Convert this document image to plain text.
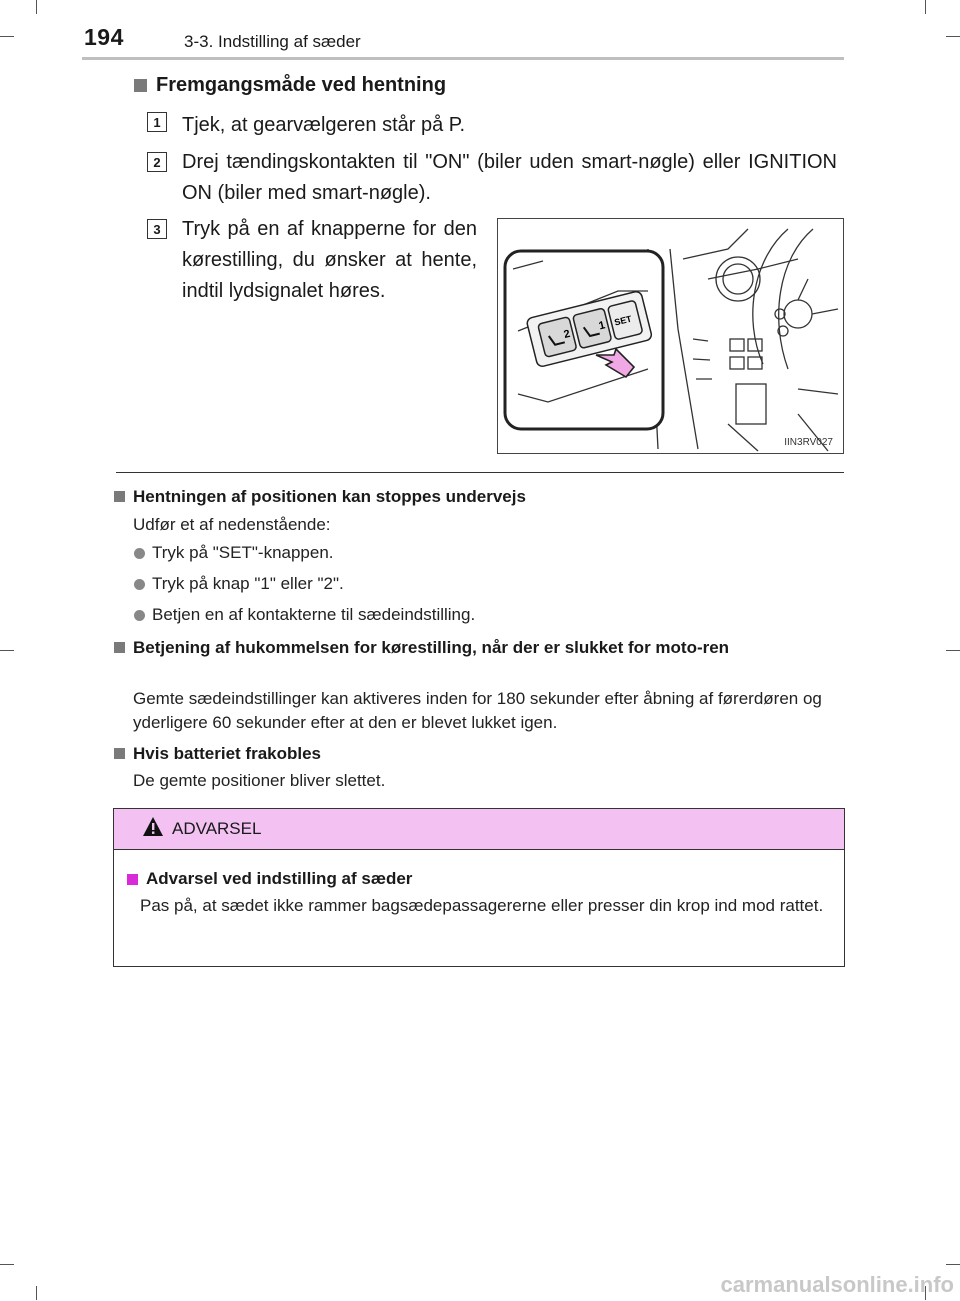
194	3-3. Indstilling af sæder
Fremgangsmåde ved hentning
1	Tjek, at gearvælgeren står på P.
2	Drej tændingskontakten til "ON" (biler uden smart-nøgle) eller IGNITION ON (biler med smart-nøgle).
3	Tryk på en af knapperne for den kørestilling, du ønsker at hente, indtil lydsignalet høres.
2
1 SET
IIN3RV027
Hentningen af positionen kan stoppes undervejs
Udfør et af nedenstående:
Tryk på "SET"-knappen.
Tryk på knap "1" eller "2".
Betjen en af kontakterne til sædeindstilling.
Betjening af hukommelsen for kørestilling, når der er slukket for moto-ren
Gemte sædeindstillinger kan aktiveres inden for 180 sekunder efter åbning af førerdøren og yderligere 60 sekunder efter at den er blevet lukket igen.
Hvis batteriet frakobles
De gemte positioner bliver slettet.
ADVARSEL
Advarsel ved indstilling af sæder
Pas på, at sædet ikke rammer bagsædepassagererne eller presser din krop ind mod rattet.
carmanualsonline.info
